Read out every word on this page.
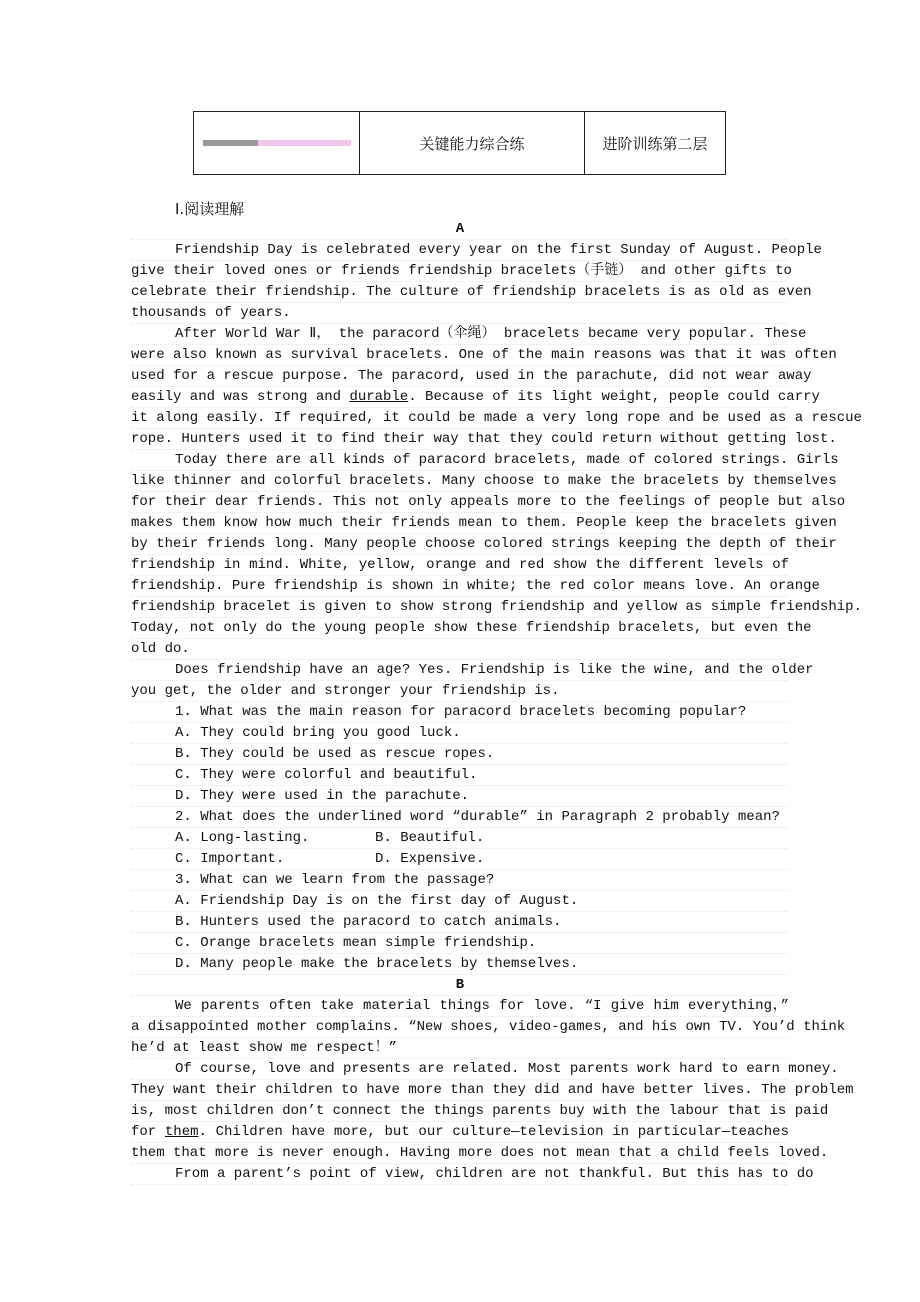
关键能力综合练	进阶训练第二层
Ⅰ.阅读理解
A
Friendship Day is celebrated every year on the first Sunday of August. People
give their loved ones or friends friendship bracelets（手链） and other gifts to
celebrate their friendship. The culture of friendship bracelets is as old as even
thousands of years.
After World War Ⅱ， the paracord（伞绳） bracelets became very popular. These
were also known as survival bracelets. One of the main reasons was that it was often
used for a rescue purpose. The paracord, used in the parachute, did not wear away
easily and was strong and durable. Because of its light weight, people could carry
it along easily. If required, it could be made a very long rope and be used as a rescue
rope. Hunters used it to find their way that they could return without getting lost.
Today there are all kinds of paracord bracelets, made of colored strings. Girls
like thinner and colorful bracelets. Many choose to make the bracelets by themselves
for their dear friends. This not only appeals more to the feelings of people but also
makes them know how much their friends mean to them. People keep the bracelets given
by their friends long. Many people choose colored strings keeping the depth of their
friendship in mind. White, yellow, orange and red show the different levels of
friendship. Pure friendship is shown in white; the red color means love. An orange
friendship bracelet is given to show strong friendship and yellow as simple friendship.
Today, not only do the young people show these friendship bracelets, but even the
old do.
Does friendship have an age? Yes. Friendship is like the wine, and the older
you get, the older and stronger your friendship is.
1. What was the main reason for paracord bracelets becoming popular?
A. They could bring you good luck.
B. They could be used as rescue ropes.
C. They were colorful and beautiful.
D. They were used in the parachute.
2. What does the underlined word “durable” in Paragraph 2 probably mean?
A. Long-lasting.	B. Beautiful.
C. Important.	D. Expensive.
3. What can we learn from the passage?
A. Friendship Day is on the first day of August.
B. Hunters used the paracord to catch animals.
C. Orange bracelets mean simple friendship.
D. Many people make the bracelets by themselves.
B
We parents often take material things for love. “I give him everything，”
a disappointed mother complains. “New shoes, video-games, and his own TV. You’d think
he’d at least show me respect！”
Of course, love and presents are related. Most parents work hard to earn money.
They want their children to have more than they did and have better lives. The problem
is, most children don’t connect the things parents buy with the labour that is paid
for them. Children have more, but our culture—television in particular—teaches
them that more is never enough. Having more does not mean that a child feels loved.
From a parent’s point of view, children are not thankful. But this has to do
